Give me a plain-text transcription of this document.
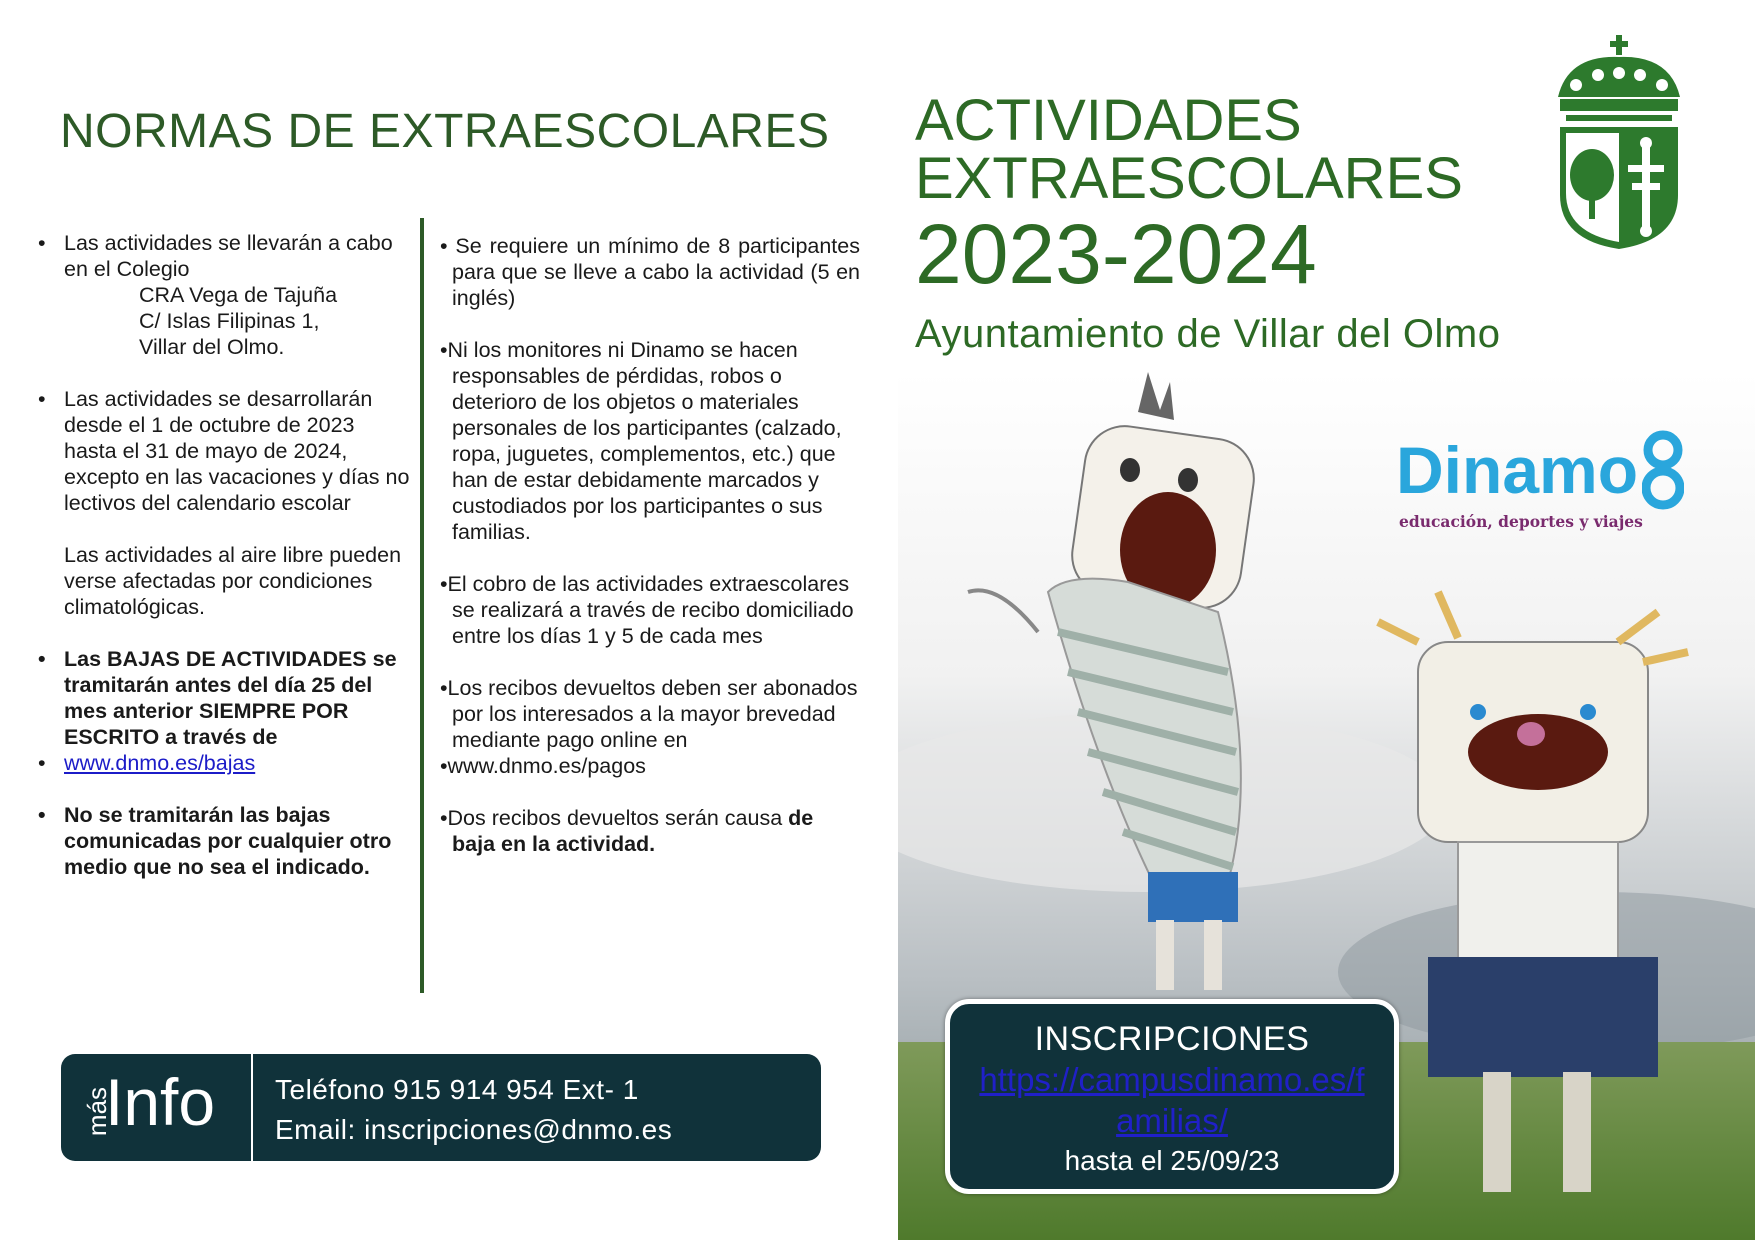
NORMAS DE EXTRAESCOLARES
• Las actividades se llevarán a cabo en el Colegio
CRA Vega de Tajuña
C/ Islas Filipinas 1,
Villar del Olmo.
• Las actividades se desarrollarán desde el 1 de octubre de 2023 hasta el 31 de mayo de 2024, excepto en las vacaciones y días no lectivos del calendario escolar
Las actividades al aire libre pueden verse afectadas por condiciones climatológicas.
• Las BAJAS DE ACTIVIDADES se tramitarán antes del día 25 del mes anterior SIEMPRE POR ESCRITO a través de
• www.dnmo.es/bajas
• No se tramitarán las bajas comunicadas por cualquier otro medio que no sea el indicado.

• Se requiere un mínimo de 8 participantes para que se lleve a cabo la actividad (5 en inglés)

•Ni los monitores ni Dinamo se hacen responsables de pérdidas, robos o deterioro de los objetos o materiales personales de los participantes (calzado, ropa, juguetes, complementos, etc.) que han de estar debidamente marcados y custodiados por los participantes o sus familias.

•El cobro de las actividades extraescolares se realizará a través de recibo domiciliado entre los días 1 y 5 de cada mes

•Los recibos devueltos deben ser abonados por los interesados a la mayor brevedad mediante pago online en
•www.dnmo.es/pagos

•Dos recibos devueltos serán causa de baja en la actividad.

más
Info Teléfono 915 914 954 Ext- 1
Email: inscripciones@dnmo.es
ACTIVIDADES
EXTRAESCOLARES
2023-2024
Ayuntamiento de Villar del Olmo
Dinamo
educación, deportes y viajes
INSCRIPCIONES
https://campusdinamo.es/familias/
hasta el 25/09/23
